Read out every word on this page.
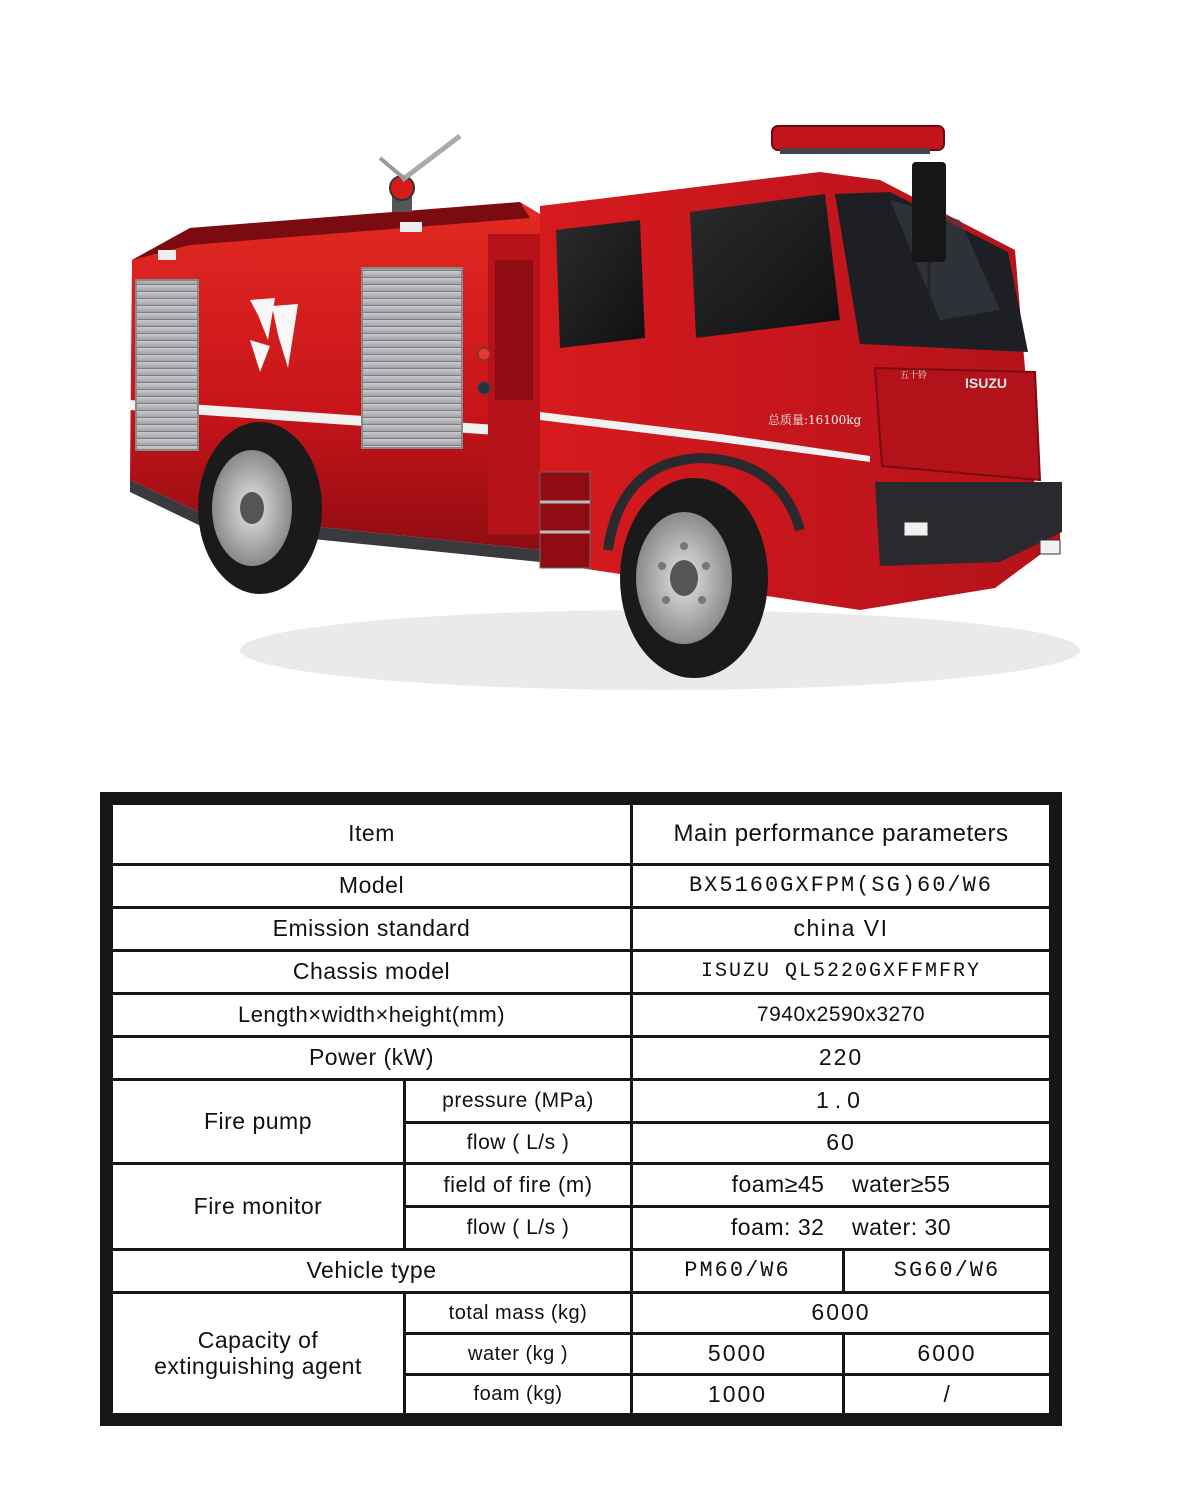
总质量:16100kg
ISUZU
五十铃
Item	Main performance parameters
Model	BX5160GXFPM(SG)60/W6
Emission standard	china VI
Chassis model	ISUZU QL5220GXFFMFRY
Length×width×height(mm)	7940x2590x3270
Power (kW)	220
Fire pump
pressure (MPa)	1.0
flow ( L/s )	60
Fire monitor
field of fire (m)	foam≥45    water≥55
flow ( L/s )	foam: 32    water: 30
Vehicle type	PM60/W6	SG60/W6
Capacity of
extinguishing agent
total mass (kg)	6000
water (kg )	5000	6000
foam (kg)	1000	/
